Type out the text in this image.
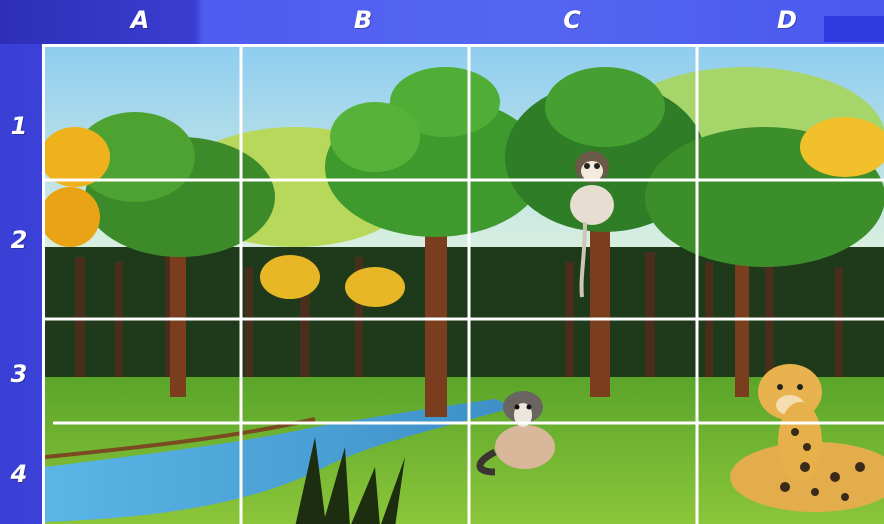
A	B	C	D
1
2
3
4
